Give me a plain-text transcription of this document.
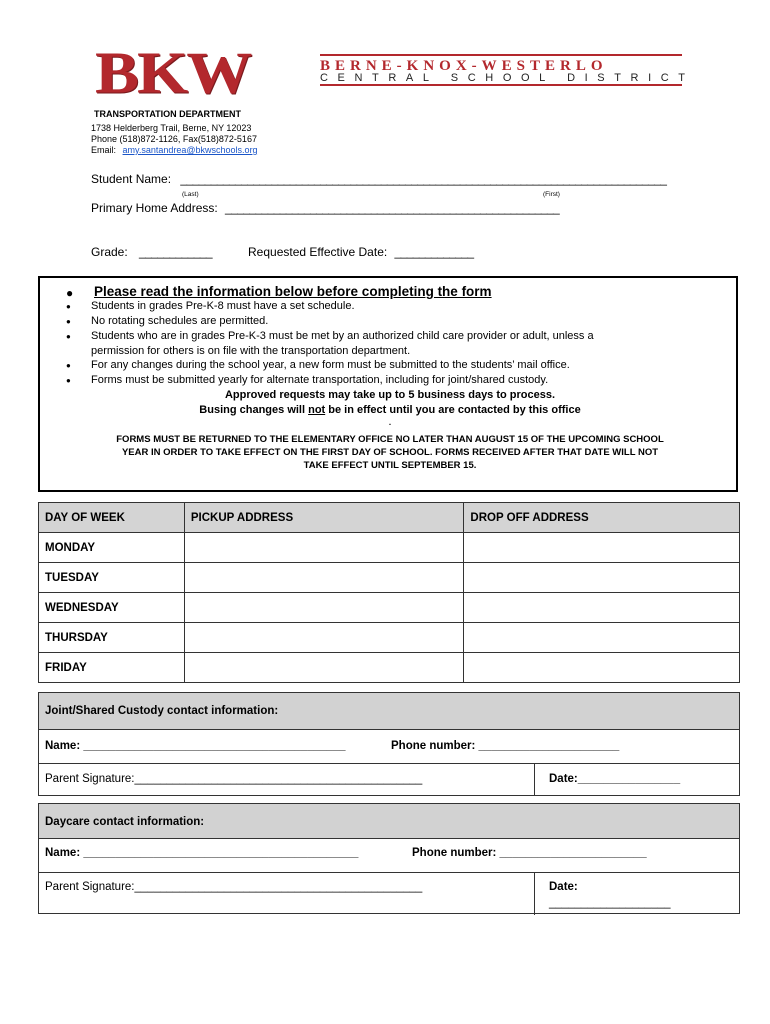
BKW	BERNE-KNOX-WESTERLO
CENTRAL SCHOOL DISTRICT
TRANSPORTATION DEPARTMENT
1738 Helderberg Trail, Berne, NY 12023
Phone (518)872-1126, Fax(518)872-5167
Email: amy.santandrea@bkwschools.org
Student Name: ________________________________________________________________________________
(Last)	(First)
Primary Home Address: _______________________________________________________
Grade: ____________	Requested Effective Date: _____________
● Please read the information below before completing the form
● Students in grades Pre-K-8 must have a set schedule.
● No rotating schedules are permitted.
● Students who are in grades Pre-K-3 must be met by an authorized child care provider or adult, unless a
permission for others is on file with the transportation department.
● For any changes during the school year, a new form must be submitted to the students’ mail office.
● Forms must be submitted yearly for alternate transportation, including for joint/shared custody.
Approved requests may take up to 5 business days to process.
Busing changes will not be in effect until you are contacted by this office
.
FORMS MUST BE RETURNED TO THE ELEMENTARY OFFICE NO LATER THAN AUGUST 15 OF THE UPCOMING SCHOOL
YEAR IN ORDER TO TAKE EFFECT ON THE FIRST DAY OF SCHOOL. FORMS RECEIVED AFTER THAT DATE WILL NOT
TAKE EFFECT UNTIL SEPTEMBER 15.
DAY OF WEEK	PICKUP ADDRESS	DROP OFF ADDRESS
MONDAY		
TUESDAY		
WEDNESDAY		
THURSDAY		
FRIDAY		
Joint/Shared Custody contact information:
Name: _________________________________________	Phone number: ______________________
Parent Signature:_____________________________________________	Date:________________
Daycare contact information:
Name: ___________________________________________	Phone number: _______________________
Parent Signature:_____________________________________________	Date:
___________________
